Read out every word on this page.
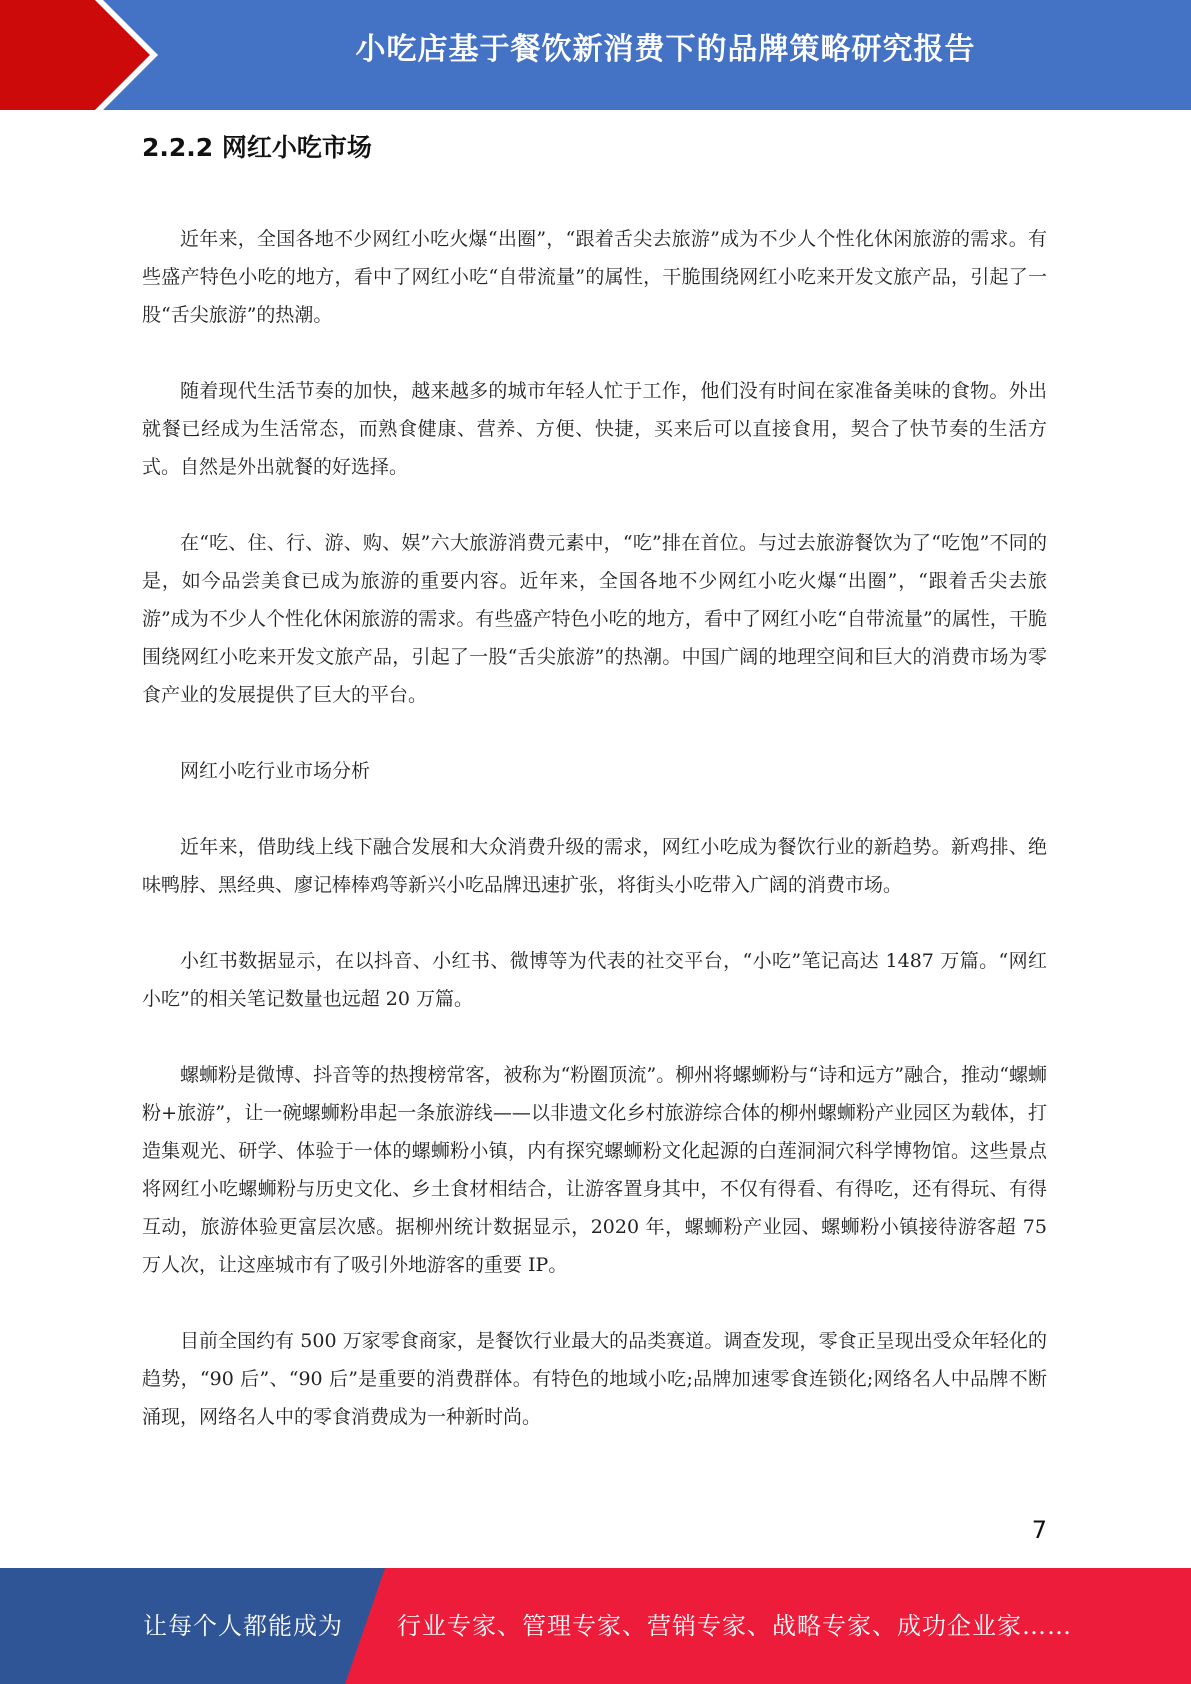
小吃店基于餐饮新消费下的品牌策略研究报告
2.2.2 网红小吃市场

近年来，全国各地不少网红小吃火爆“出圈”，“跟着舌尖去旅游”成为不少人个性化休闲旅游的需求。有些盛产特色小吃的地方，看中了网红小吃“自带流量”的属性，干脆围绕网红小吃来开发文旅产品，引起了一股“舌尖旅游”的热潮。

随着现代生活节奏的加快，越来越多的城市年轻人忙于工作，他们没有时间在家准备美味的食物。外出就餐已经成为生活常态，而熟食健康、营养、方便、快捷，买来后可以直接食用，契合了快节奏的生活方式。自然是外出就餐的好选择。

在“吃、住、行、游、购、娱”六大旅游消费元素中，“吃”排在首位。与过去旅游餐饮为了“吃饱”不同的是，如今品尝美食已成为旅游的重要内容。近年来，全国各地不少网红小吃火爆“出圈”，“跟着舌尖去旅游”成为不少人个性化休闲旅游的需求。有些盛产特色小吃的地方，看中了网红小吃“自带流量”的属性，干脆围绕网红小吃来开发文旅产品，引起了一股“舌尖旅游”的热潮。中国广阔的地理空间和巨大的消费市场为零食产业的发展提供了巨大的平台。

网红小吃行业市场分析

近年来，借助线上线下融合发展和大众消费升级的需求，网红小吃成为餐饮行业的新趋势。新鸡排、绝味鸭脖、黑经典、廖记棒棒鸡等新兴小吃品牌迅速扩张，将街头小吃带入广阔的消费市场。

小红书数据显示，在以抖音、小红书、微博等为代表的社交平台，“小吃”笔记高达 1487 万篇。“网红小吃”的相关笔记数量也远超 20 万篇。

螺蛳粉是微博、抖音等的热搜榜常客，被称为“粉圈顶流”。柳州将螺蛳粉与“诗和远方”融合，推动“螺蛳粉+旅游”，让一碗螺蛳粉串起一条旅游线——以非遗文化乡村旅游综合体的柳州螺蛳粉产业园区为载体，打造集观光、研学、体验于一体的螺蛳粉小镇，内有探究螺蛳粉文化起源的白莲洞洞穴科学博物馆。这些景点将网红小吃螺蛳粉与历史文化、乡土食材相结合，让游客置身其中，不仅有得看、有得吃，还有得玩、有得互动，旅游体验更富层次感。据柳州统计数据显示，2020 年，螺蛳粉产业园、螺蛳粉小镇接待游客超 75 万人次，让这座城市有了吸引外地游客的重要 IP。

目前全国约有 500 万家零食商家，是餐饮行业最大的品类赛道。调查发现，零食正呈现出受众年轻化的趋势，“90 后”、“90 后”是重要的消费群体。有特色的地域小吃;品牌加速零食连锁化;网络名人中品牌不断涌现，网络名人中的零食消费成为一种新时尚。

7
让每个人都能成为 行业专家、管理专家、营销专家、战略专家、成功企业家……
